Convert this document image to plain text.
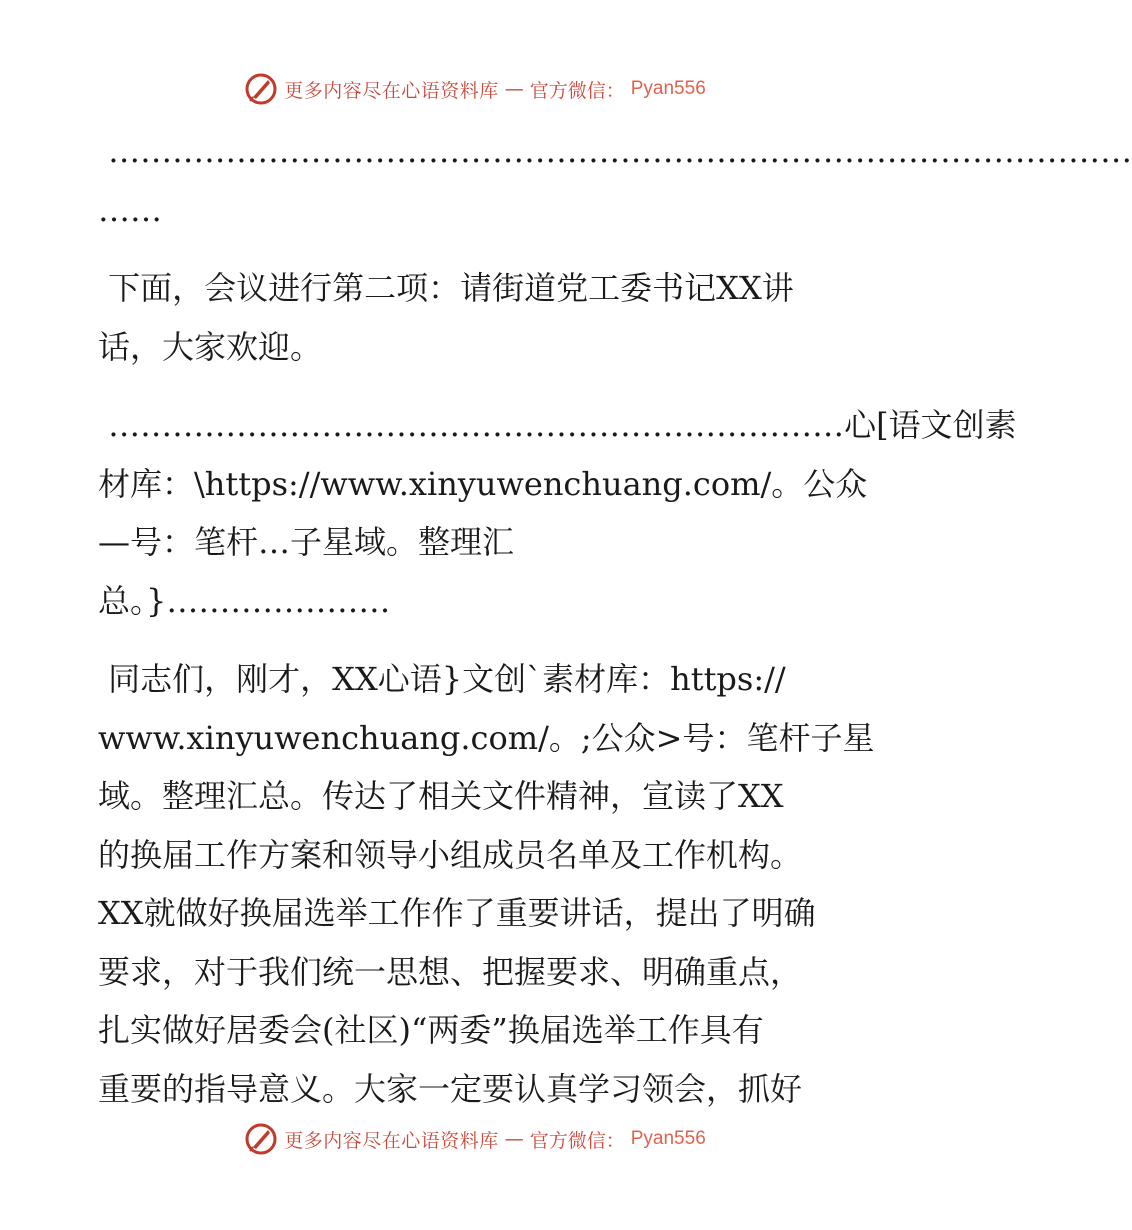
更多内容尽在心语资料库 — 官方微信： Pyan556
……………………………………………………………………………………
……
下面，会议进行第二项：请街道党工委书记XX讲
话，大家欢迎。
……………………………………………………………心[语文创素
材库：\https://www.xinyuwenchuang.com/。公众
—号：笔杆…子星域。整理汇
总。}…………………
同志们，刚才，XX心语}文创`素材库：https://
www.xinyuwenchuang.com/。;公众>号：笔杆子星
域。整理汇总。传达了相关文件精神，宣读了XX
的换届工作方案和领导小组成员名单及工作机构。
XX就做好换届选举工作作了重要讲话，提出了明确
要求，对于我们统一思想、把握要求、明确重点，
扎实做好居委会(社区)“两委”换届选举工作具有
重要的指导意义。大家一定要认真学习领会，抓好
更多内容尽在心语资料库 — 官方微信： Pyan556
